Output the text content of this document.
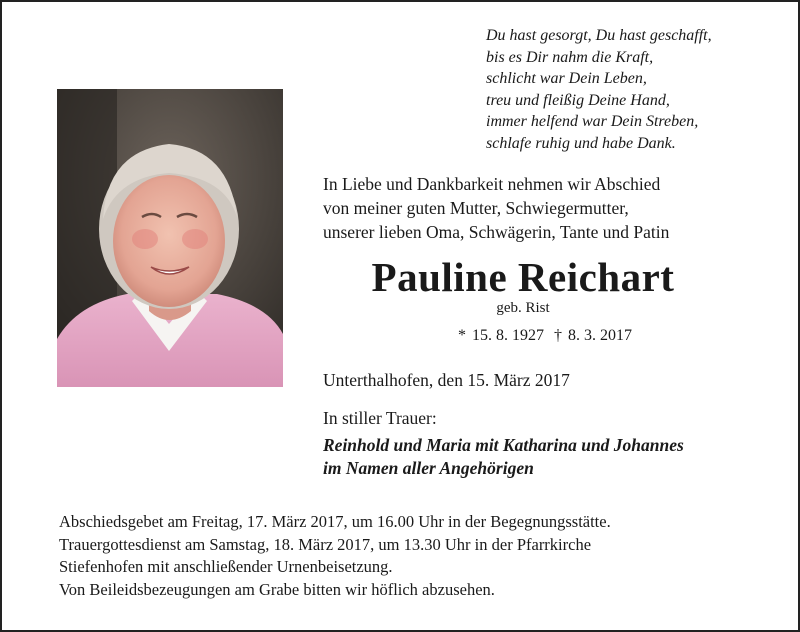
Du hast gesorgt, Du hast geschafft,
bis es Dir nahm die Kraft,
schlicht war Dein Leben,
treu und fleißig Deine Hand,
immer helfend war Dein Streben,
schlafe ruhig und habe Dank.
In Liebe und Dankbarkeit nehmen wir Abschied
von meiner guten Mutter, Schwiegermutter,
unserer lieben Oma, Schwägerin, Tante und Patin
Pauline Reichart
geb. Rist
* 15. 8. 1927 † 8. 3. 2017
Unterthalhofen, den 15. März 2017
In stiller Trauer:
Reinhold und Maria mit Katharina und Johannes
im Namen aller Angehörigen
Abschiedsgebet am Freitag, 17. März 2017, um 16.00 Uhr in der Begegnungsstätte.
Trauergottesdienst am Samstag, 18. März 2017, um 13.30 Uhr in der Pfarrkirche
Stiefenhofen mit anschließender Urnenbeisetzung.
Von Beileidsbezeugungen am Grabe bitten wir höflich abzusehen.
